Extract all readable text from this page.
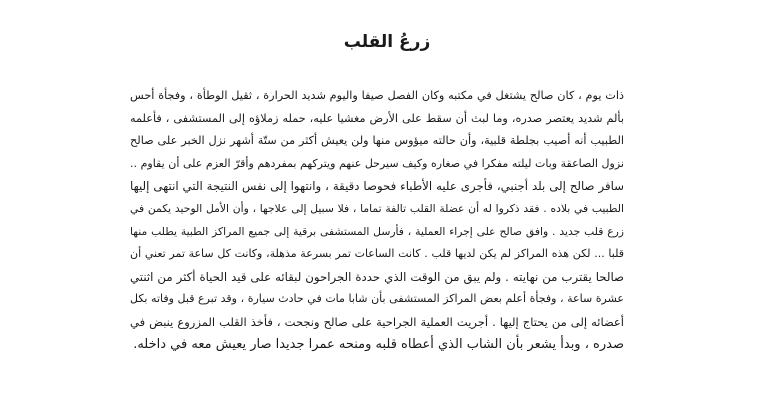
زرعُ القلب
ذات يوم ، كان صالح يشتغل في مكتبه وكان الفصل صيفا واليوم شديد الحرارة ، ثقيل الوطأة ، وفجأة أحس
بألم شديد يعتصر صدره، وما لبث أن سقط على الأرض مغشيا عليه، حمله زملاؤه إلى المستشفى ، فأعلمه
الطبيب أنه أصيب بجلطة قلبية، وأن حالته ميؤوس منها ولن يعيش أكثر من ستّة أشهر نزل الخبر على صالح
نزول الصاعقة وبات ليلته مفكرا في صغاره وكيف سيرحل عنهم ويتركهم بمفردهم وأقرّ العزم على أن يقاوم ..
سافر صالح إلى بلد أجنبي، فأجرى عليه الأطباء فحوصا دقيقة ، وانتهوا إلى نفس النتيجة التي انتهى إليها
الطبيب في بلاده . فقد ذكروا له أن عضلة القلب تالفة تماما ، فلا سبيل إلى علاجها ، وأن الأمل الوحيد يكمن في
زرع قلب جديد . وافق صالح على إجراء العملية ، فأرسل المستشفى برقية إلى جميع المراكز الطبية يطلب منها
قلبا ... لكن هذه المراكز لم يكن لديها قلب . كانت الساعات تمر بسرعة مذهلة، وكانت كل ساعة تمر تعني أن
صالحا يقترب من نهايته . ولم يبق من الوقت الذي حددة الجراحون لبقائه على قيد الحياة أكثر من اثنتي
عشرة ساعة ، وفجأة أعلم بعض المراكز المستشفى بأن شابا مات في حادث سيارة ، وقد تبرع قبل وفاته بكل
أعضائه إلى من يحتاج إليها . أجريت العملية الجراحية على صالح ونجحت ، فأخذ القلب المزروع ينبض في
صدره ، وبدأ يشعر بأن الشاب الذي أعطاه قلبه ومنحه عمرا جديدا صار يعيش معه في داخله.
